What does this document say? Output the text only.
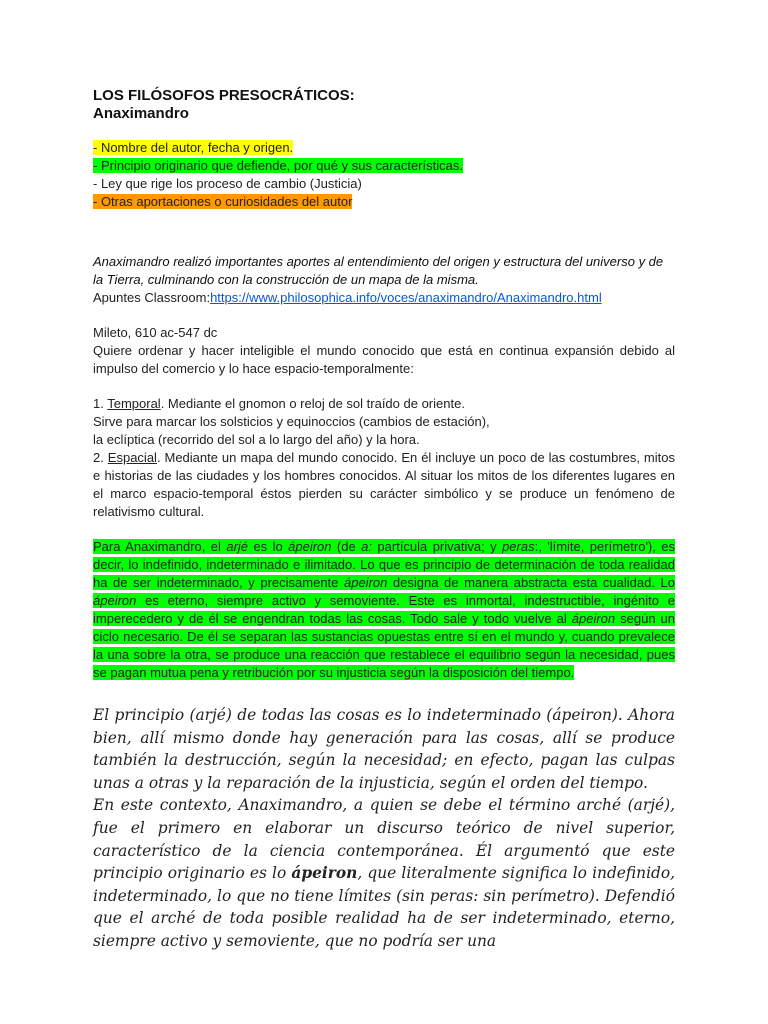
LOS FILÓSOFOS PRESOCRÁTICOS:
Anaximandro
- Nombre del autor, fecha y origen.
- Principio originario que defiende, por qué y sus características.
- Ley que rige los proceso de cambio (Justicia)
- Otras aportaciones o curiosidades del autor
Anaximandro realizó importantes aportes al entendimiento del origen y estructura del universo y de la Tierra, culminando con la construcción de un mapa de la misma.
Apuntes Classroom:https://www.philosophica.info/voces/anaximandro/Anaximandro.html
Mileto, 610 ac-547 dc
Quiere ordenar y hacer inteligible el mundo conocido que está en continua expansión debido al impulso del comercio y lo hace espacio-temporalmente:
1. Temporal. Mediante el gnomon o reloj de sol traído de oriente.
Sirve para marcar los solsticios y equinoccios (cambios de estación),
la eclíptica (recorrido del sol a lo largo del año) y la hora.
2. Espacial. Mediante un mapa del mundo conocido. En él incluye un poco de las costumbres, mitos e historias de las ciudades y los hombres conocidos. Al situar los mitos de los diferentes lugares en el marco espacio-temporal éstos pierden su carácter simbólico y se produce un fenómeno de relativismo cultural.
Para Anaximandro, el arjé es lo ápeiron (de a: partícula privativa; y peras:, 'límite, perímetro'), es decir, lo indefinido, indeterminado e ilimitado. Lo que es principio de determinación de toda realidad ha de ser indeterminado, y precisamente ápeiron designa de manera abstracta esta cualidad. Lo ápeiron es eterno, siempre activo y semoviente. Este es inmortal, indestructible, ingénito e imperecedero y de él se engendran todas las cosas. Todo sale y todo vuelve al ápeiron según un ciclo necesario. De él se separan las sustancias opuestas entre sí en el mundo y, cuando prevalece la una sobre la otra, se produce una reacción que restablece el equilibrio según la necesidad, pues se pagan mutua pena y retribución por su injusticia según la disposición del tiempo.
El principio (arjé) de todas las cosas es lo indeterminado (ápeiron). Ahora bien, allí mismo donde hay generación para las cosas, allí se produce también la destrucción, según la necesidad; en efecto, pagan las culpas unas a otras y la reparación de la injusticia, según el orden del tiempo.
En este contexto, Anaximandro, a quien se debe el término arché (arjé), fue el primero en elaborar un discurso teórico de nivel superior, característico de la ciencia contemporánea. Él argumentó que este principio originario es lo ápeiron, que literalmente significa lo indefinido, indeterminado, lo que no tiene límites (sin peras: sin perímetro). Defendió que el arché de toda posible realidad ha de ser indeterminado, eterno, siempre activo y semoviente, que no podría ser una
